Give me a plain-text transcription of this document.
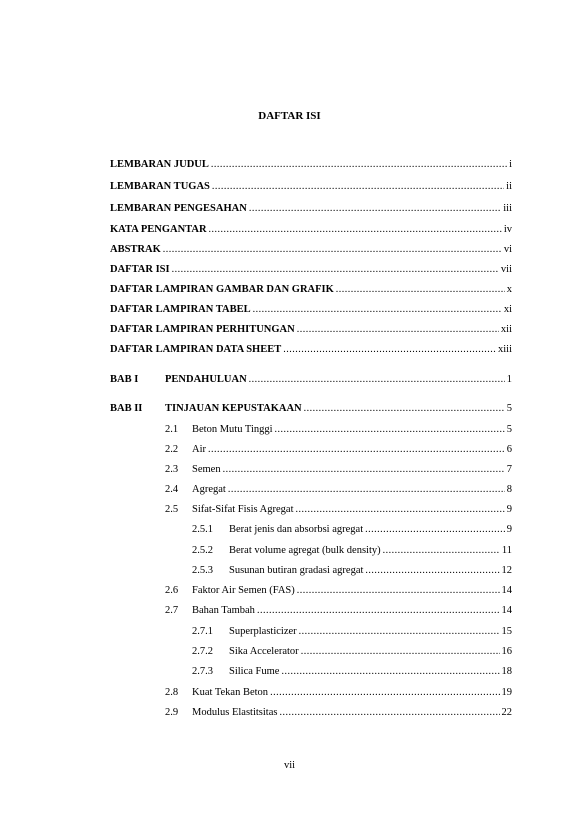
DAFTAR ISI
LEMBARAN JUDUL .....	i
LEMBARAN TUGAS .....	ii
LEMBARAN PENGESAHAN .....	iii
KATA PENGANTAR .....	iv
ABSTRAK .....	vi
DAFTAR ISI .....	vii
DAFTAR LAMPIRAN GAMBAR DAN GRAFIK .....	x
DAFTAR LAMPIRAN TABEL .....	xi
DAFTAR LAMPIRAN PERHITUNGAN .....	xii
DAFTAR LAMPIRAN DATA SHEET .....	xiii
BAB I	PENDAHULUAN .....	1
BAB II	TINJAUAN KEPUSTAKAAN .....	5
2.1	Beton Mutu Tinggi .....	5
2.2	Air .....	6
2.3	Semen .....	7
2.4	Agregat .....	8
2.5	Sifat-Sifat Fisis Agregat .....	9
2.5.1	Berat jenis dan absorbsi agregat .....	9
2.5.2	Berat volume agregat (bulk density) .....	11
2.5.3	Susunan butiran gradasi agregat .....	12
2.6	Faktor Air Semen (FAS) .....	14
2.7	Bahan Tambah .....	14
2.7.1	Superplasticizer .....	15
2.7.2	Sika Accelerator .....	16
2.7.3	Silica Fume .....	18
2.8	Kuat Tekan Beton .....	19
2.9	Modulus Elastitsitas .....	22
vii
